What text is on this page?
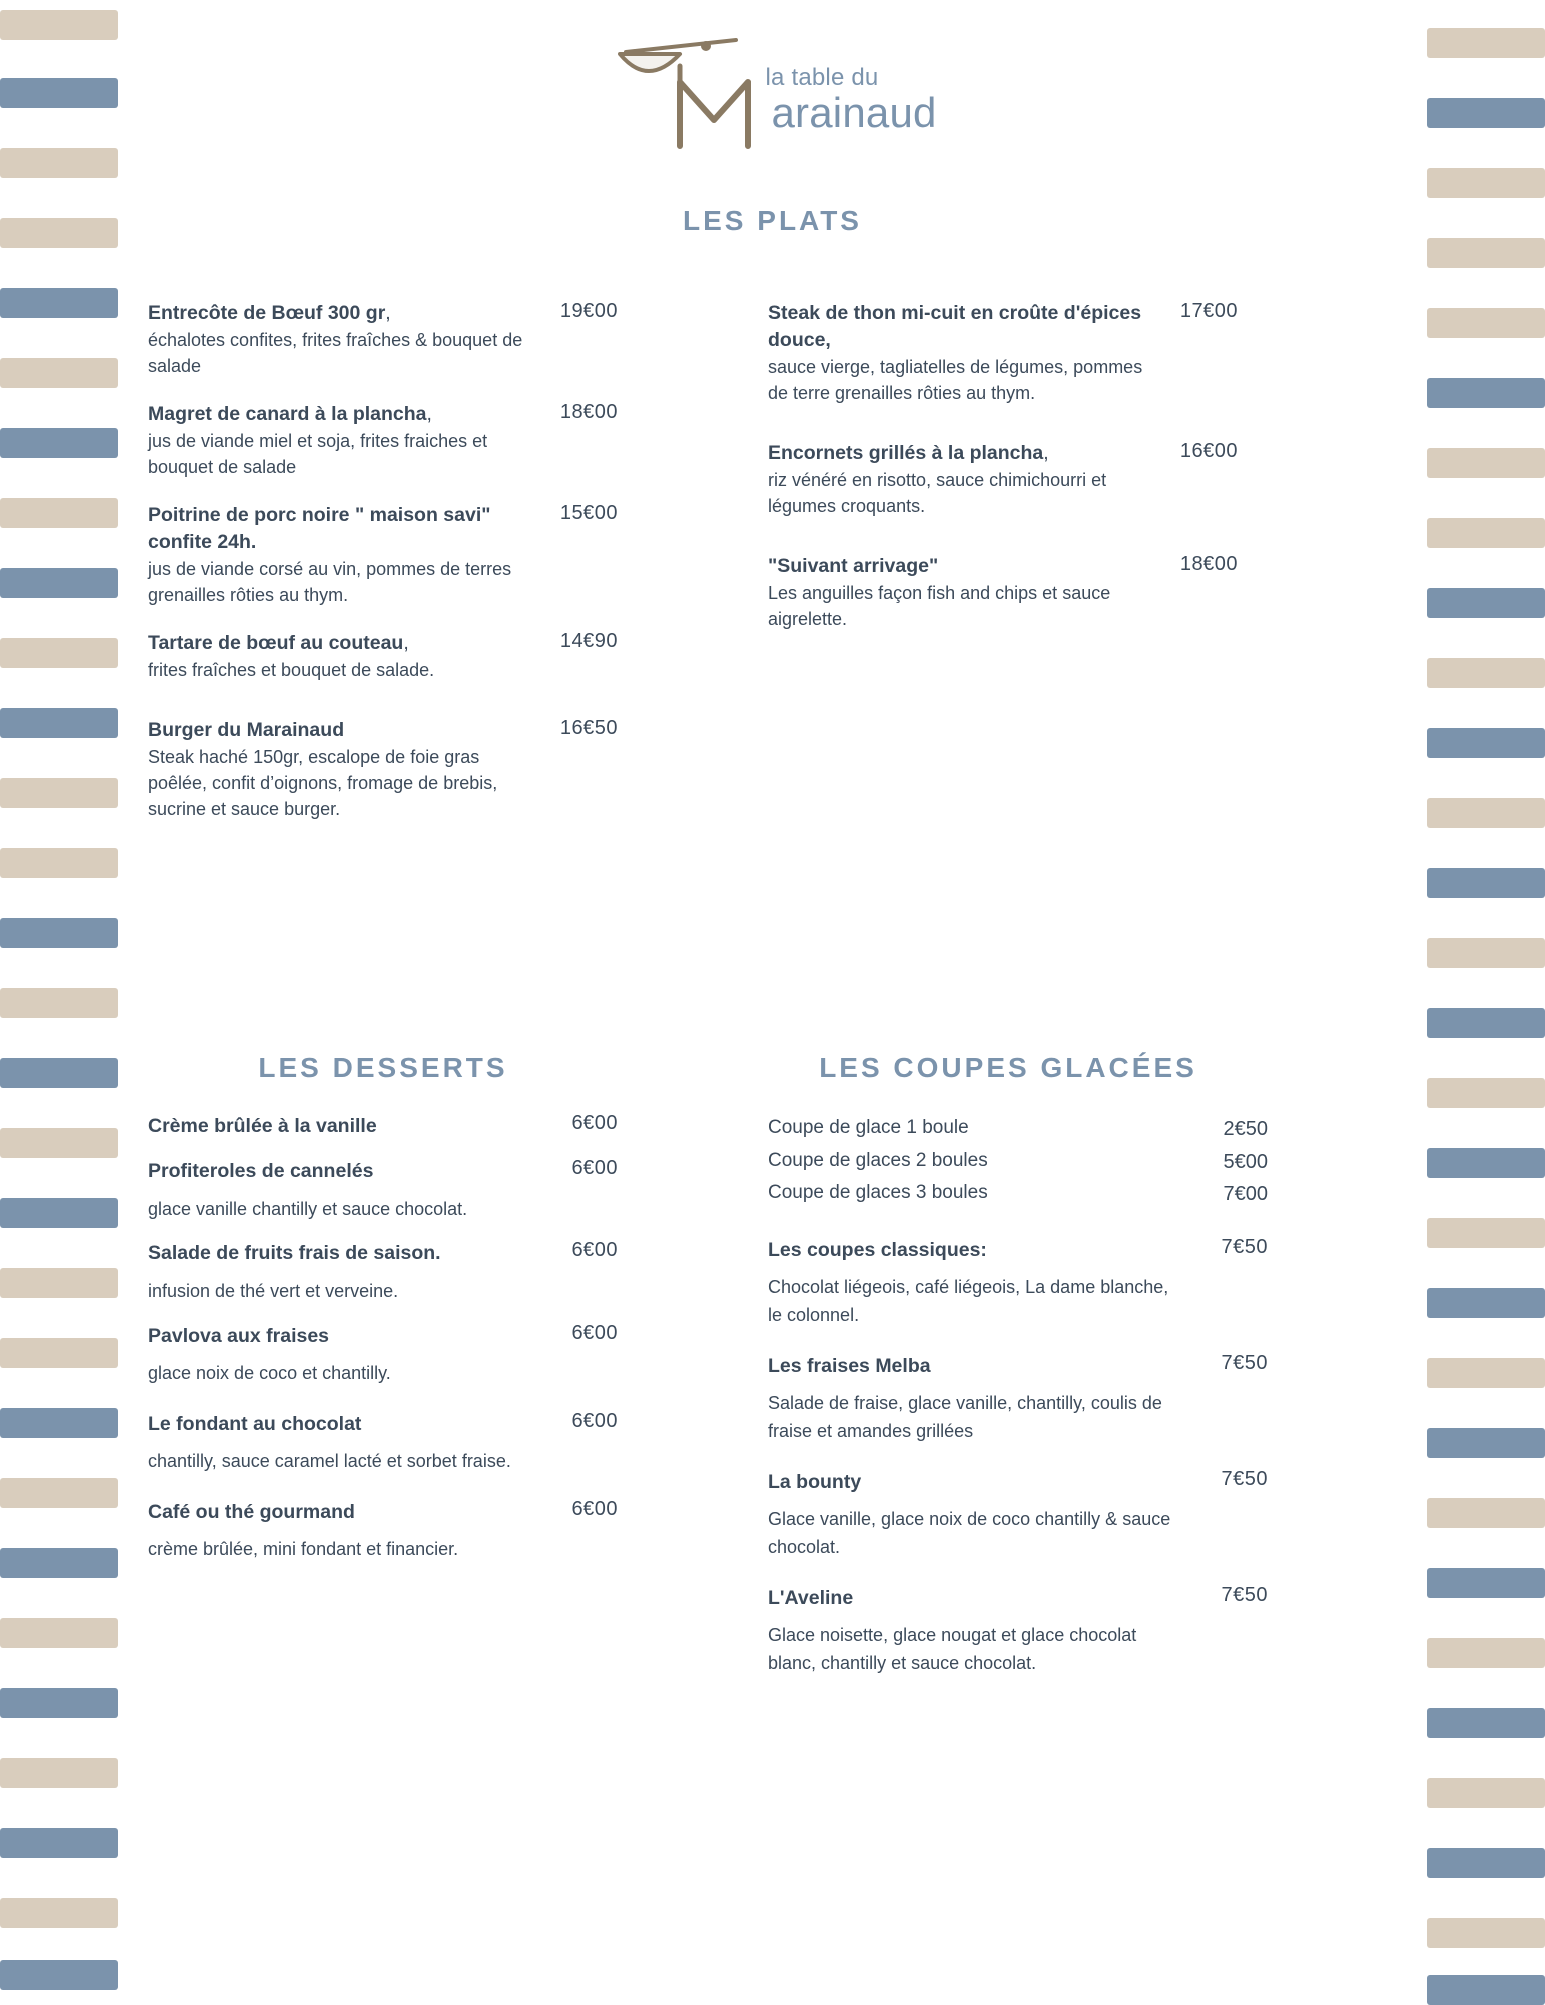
la table du
arainaud
LES PLATS
Entrecôte de Bœuf 300 gr,
échalotes confites, frites fraîches & bouquet de salade
19€00
Magret de canard à la plancha,
jus de viande miel et soja, frites fraiches et bouquet de salade
18€00
Poitrine de porc noire " maison savi" confite 24h.
jus de viande corsé au vin, pommes de terres grenailles rôties au thym.
15€00
Tartare de bœuf au couteau,
frites fraîches et bouquet de salade.
14€90
Burger du Marainaud
Steak haché 150gr, escalope de foie gras poêlée, confit d’oignons, fromage de brebis, sucrine et sauce burger.
16€50
Steak de thon mi-cuit en croûte d'épices douce,
sauce vierge, tagliatelles de légumes, pommes de terre grenailles rôties au thym.
17€00
Encornets grillés à la plancha,
riz vénéré en risotto, sauce chimichourri et légumes croquants.
16€00
"Suivant arrivage"
Les anguilles façon fish and chips et sauce aigrelette.
18€00
LES DESSERTS
Crème brûlée à la vanille	6€00
Profiteroles de cannelés
glace vanille chantilly et sauce chocolat.
6€00
Salade de fruits frais de saison.
infusion de thé vert et verveine.
6€00
Pavlova aux fraises
glace noix de coco et chantilly.
6€00
Le fondant au chocolat
chantilly, sauce caramel lacté et sorbet fraise.
6€00
Café ou thé gourmand
crème brûlée, mini fondant et financier.
6€00
LES COUPES GLACÉES
Coupe de glace 1 boule	2€50
Coupe de glaces 2 boules	5€00
Coupe de glaces 3 boules	7€00
Les coupes classiques:
Chocolat liégeois, café liégeois, La dame blanche, le colonnel.
7€50
Les fraises Melba
Salade de fraise, glace vanille, chantilly, coulis de fraise et amandes grillées
7€50
La bounty
Glace vanille, glace noix de coco chantilly & sauce chocolat.
7€50
L'Aveline
Glace noisette, glace nougat et glace chocolat blanc, chantilly et sauce chocolat.
7€50
